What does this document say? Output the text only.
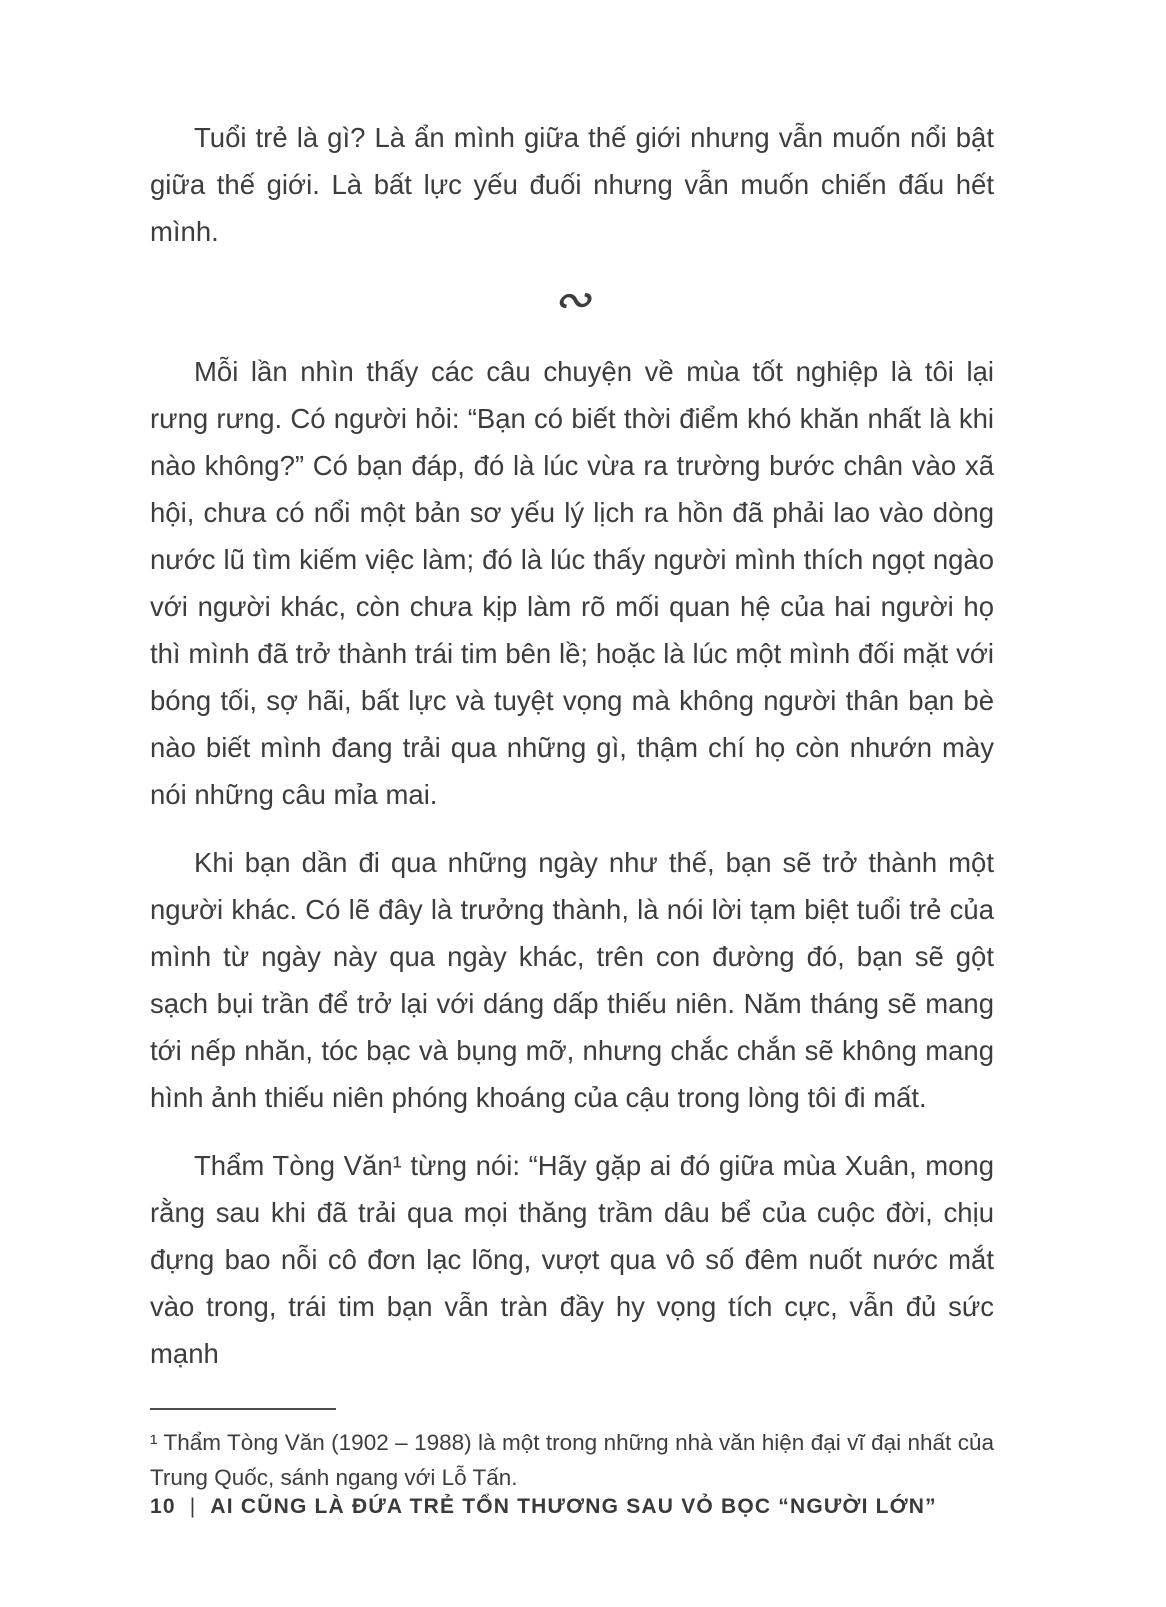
Tuổi trẻ là gì? Là ẩn mình giữa thế giới nhưng vẫn muốn nổi bật giữa thế giới. Là bất lực yếu đuối nhưng vẫn muốn chiến đấu hết mình.

∾

Mỗi lần nhìn thấy các câu chuyện về mùa tốt nghiệp là tôi lại rưng rưng. Có người hỏi: “Bạn có biết thời điểm khó khăn nhất là khi nào không?” Có bạn đáp, đó là lúc vừa ra trường bước chân vào xã hội, chưa có nổi một bản sơ yếu lý lịch ra hồn đã phải lao vào dòng nước lũ tìm kiếm việc làm; đó là lúc thấy người mình thích ngọt ngào với người khác, còn chưa kịp làm rõ mối quan hệ của hai người họ thì mình đã trở thành trái tim bên lề; hoặc là lúc một mình đối mặt với bóng tối, sợ hãi, bất lực và tuyệt vọng mà không người thân bạn bè nào biết mình đang trải qua những gì, thậm chí họ còn nhướn mày nói những câu mỉa mai.

Khi bạn dần đi qua những ngày như thế, bạn sẽ trở thành một người khác. Có lẽ đây là trưởng thành, là nói lời tạm biệt tuổi trẻ của mình từ ngày này qua ngày khác, trên con đường đó, bạn sẽ gột sạch bụi trần để trở lại với dáng dấp thiếu niên. Năm tháng sẽ mang tới nếp nhăn, tóc bạc và bụng mỡ, nhưng chắc chắn sẽ không mang hình ảnh thiếu niên phóng khoáng của cậu trong lòng tôi đi mất.

Thẩm Tòng Văn¹ từng nói: “Hãy gặp ai đó giữa mùa Xuân, mong rằng sau khi đã trải qua mọi thăng trầm dâu bể của cuộc đời, chịu đựng bao nỗi cô đơn lạc lõng, vượt qua vô số đêm nuốt nước mắt vào trong, trái tim bạn vẫn tràn đầy hy vọng tích cực, vẫn đủ sức mạnh

¹ Thẩm Tòng Văn (1902 – 1988) là một trong những nhà văn hiện đại vĩ đại nhất của Trung Quốc, sánh ngang với Lỗ Tấn.

10 | AI CŨNG LÀ ĐỨA TRẺ TỔN THƯƠNG SAU VỎ BỌC “NGƯỜI LỚN”
